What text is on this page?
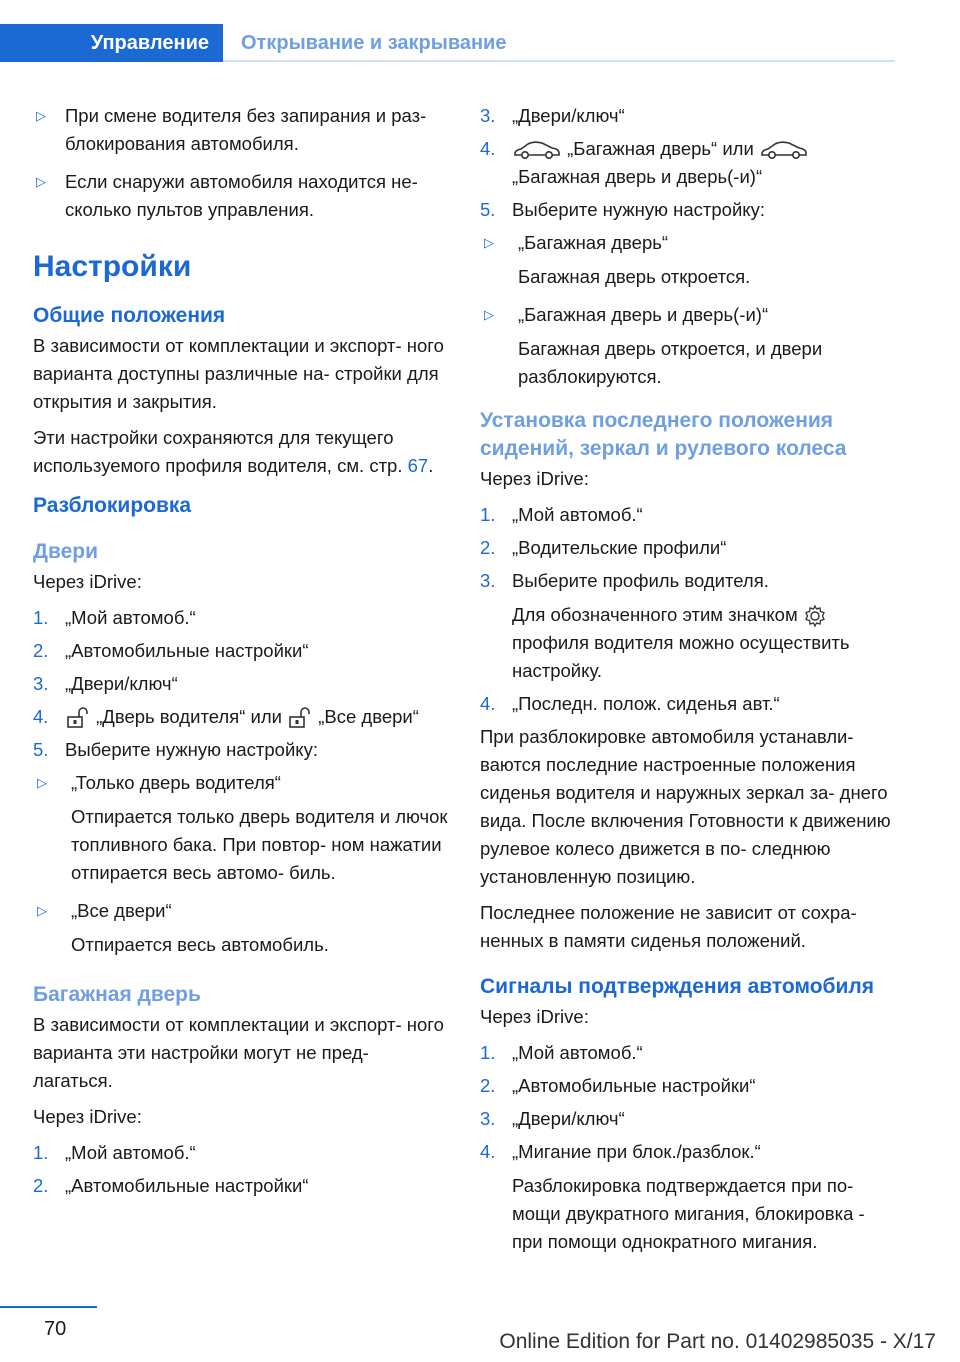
Управление	Открывание и закрывание
▷ При смене водителя без запирания и раз- блокирования автомобиля.
▷ Если снаружи автомобиля находится не- сколько пультов управления.
Настройки
Общие положения

В зависимости от комплектации и экспорт- ного варианта доступны различные на- стройки для открытия и закрытия.

Эти настройки сохраняются для текущего используемого профиля водителя, см. стр. 67.

Разблокировка
Двери

Через iDrive:

1. „Мой автомоб.“
2. „Автомобильные настройки“
3. „Двери/ключ“
4.	„Дверь водителя“ или „Все двери“
5. Выберите нужную настройку:
▷ „Только дверь водителя“
Отпирается только дверь водителя и лючок топливного бака. При повтор- ном нажатии отпирается весь автомо- биль.
▷ „Все двери“
Отпирается весь автомобиль.
Багажная дверь

В зависимости от комплектации и экспорт- ного варианта эти настройки могут не пред- лагаться.

Через iDrive:

1. „Мой автомоб.“
2. „Автомобильные настройки“
3. „Двери/ключ“
4.	„Багажная дверь“ или
„Багажная дверь и дверь(-и)“
5. Выберите нужную настройку:
▷ „Багажная дверь“
Багажная дверь откроется.
▷ „Багажная дверь и дверь(-и)“
Багажная дверь откроется, и двери разблокируются.
Установка последнего положения сидений, зеркал и рулевого колеса

Через iDrive:

1. „Мой автомоб.“
2. „Водительские профили“
3. Выберите профиль водителя.
Для обозначенного этим значком  профиля водителя можно осуществить настройку.
4. „Последн. полож. сиденья авт.“

При разблокировке автомобиля устанавли- ваются последние настроенные положения сиденья водителя и наружных зеркал за- днего вида. После включения Готовности к движению рулевое колесо движется в по- следнюю установленную позицию.

Последнее положение не зависит от сохра- ненных в памяти сиденья положений.

Сигналы подтверждения автомобиля

Через iDrive:

1. „Мой автомоб.“
2. „Автомобильные настройки“
3. „Двери/ключ“
4. „Мигание при блок./разблок.“
Разблокировка подтверждается при по- мощи двукратного мигания, блокировка - при помощи однократного мигания.
70
Online Edition for Part no. 01402985035 - X/17
